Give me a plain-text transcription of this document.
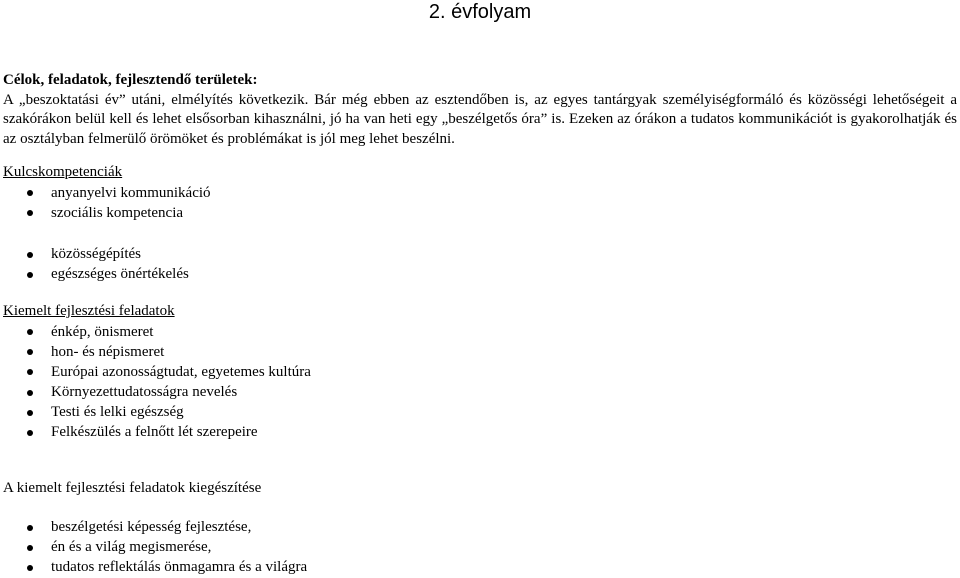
2. évfolyam

Célok, feladatok, fejlesztendő területek:

A „beszoktatási év” utáni, elmélyítés következik. Bár még ebben az esztendőben is, az egyes tantárgyak személyiségformáló és közösségi lehetőségeit a szakórákon belül kell és lehet elsősorban kihasználni, jó ha van heti egy „beszélgetős óra” is. Ezeken az órákon a tudatos kommunikációt is gyakorolhatják és az osztályban felmerülő örömöket és problémákat is jól meg lehet beszélni.

Kulcskompetenciák

anyanyelvi kommunikáció
szociális kompetencia
közösségépítés
egészséges önértékelés

Kiemelt fejlesztési feladatok

énkép, önismeret
hon- és népismeret
Európai azonosságtudat, egyetemes kultúra
Környezettudatosságra nevelés
Testi és lelki egészség
Felkészülés a felnőtt lét szerepeire

A kiemelt fejlesztési feladatok kiegészítése

beszélgetési képesség fejlesztése,
én és a világ megismerése,
tudatos reflektálás önmagamra és a világra
